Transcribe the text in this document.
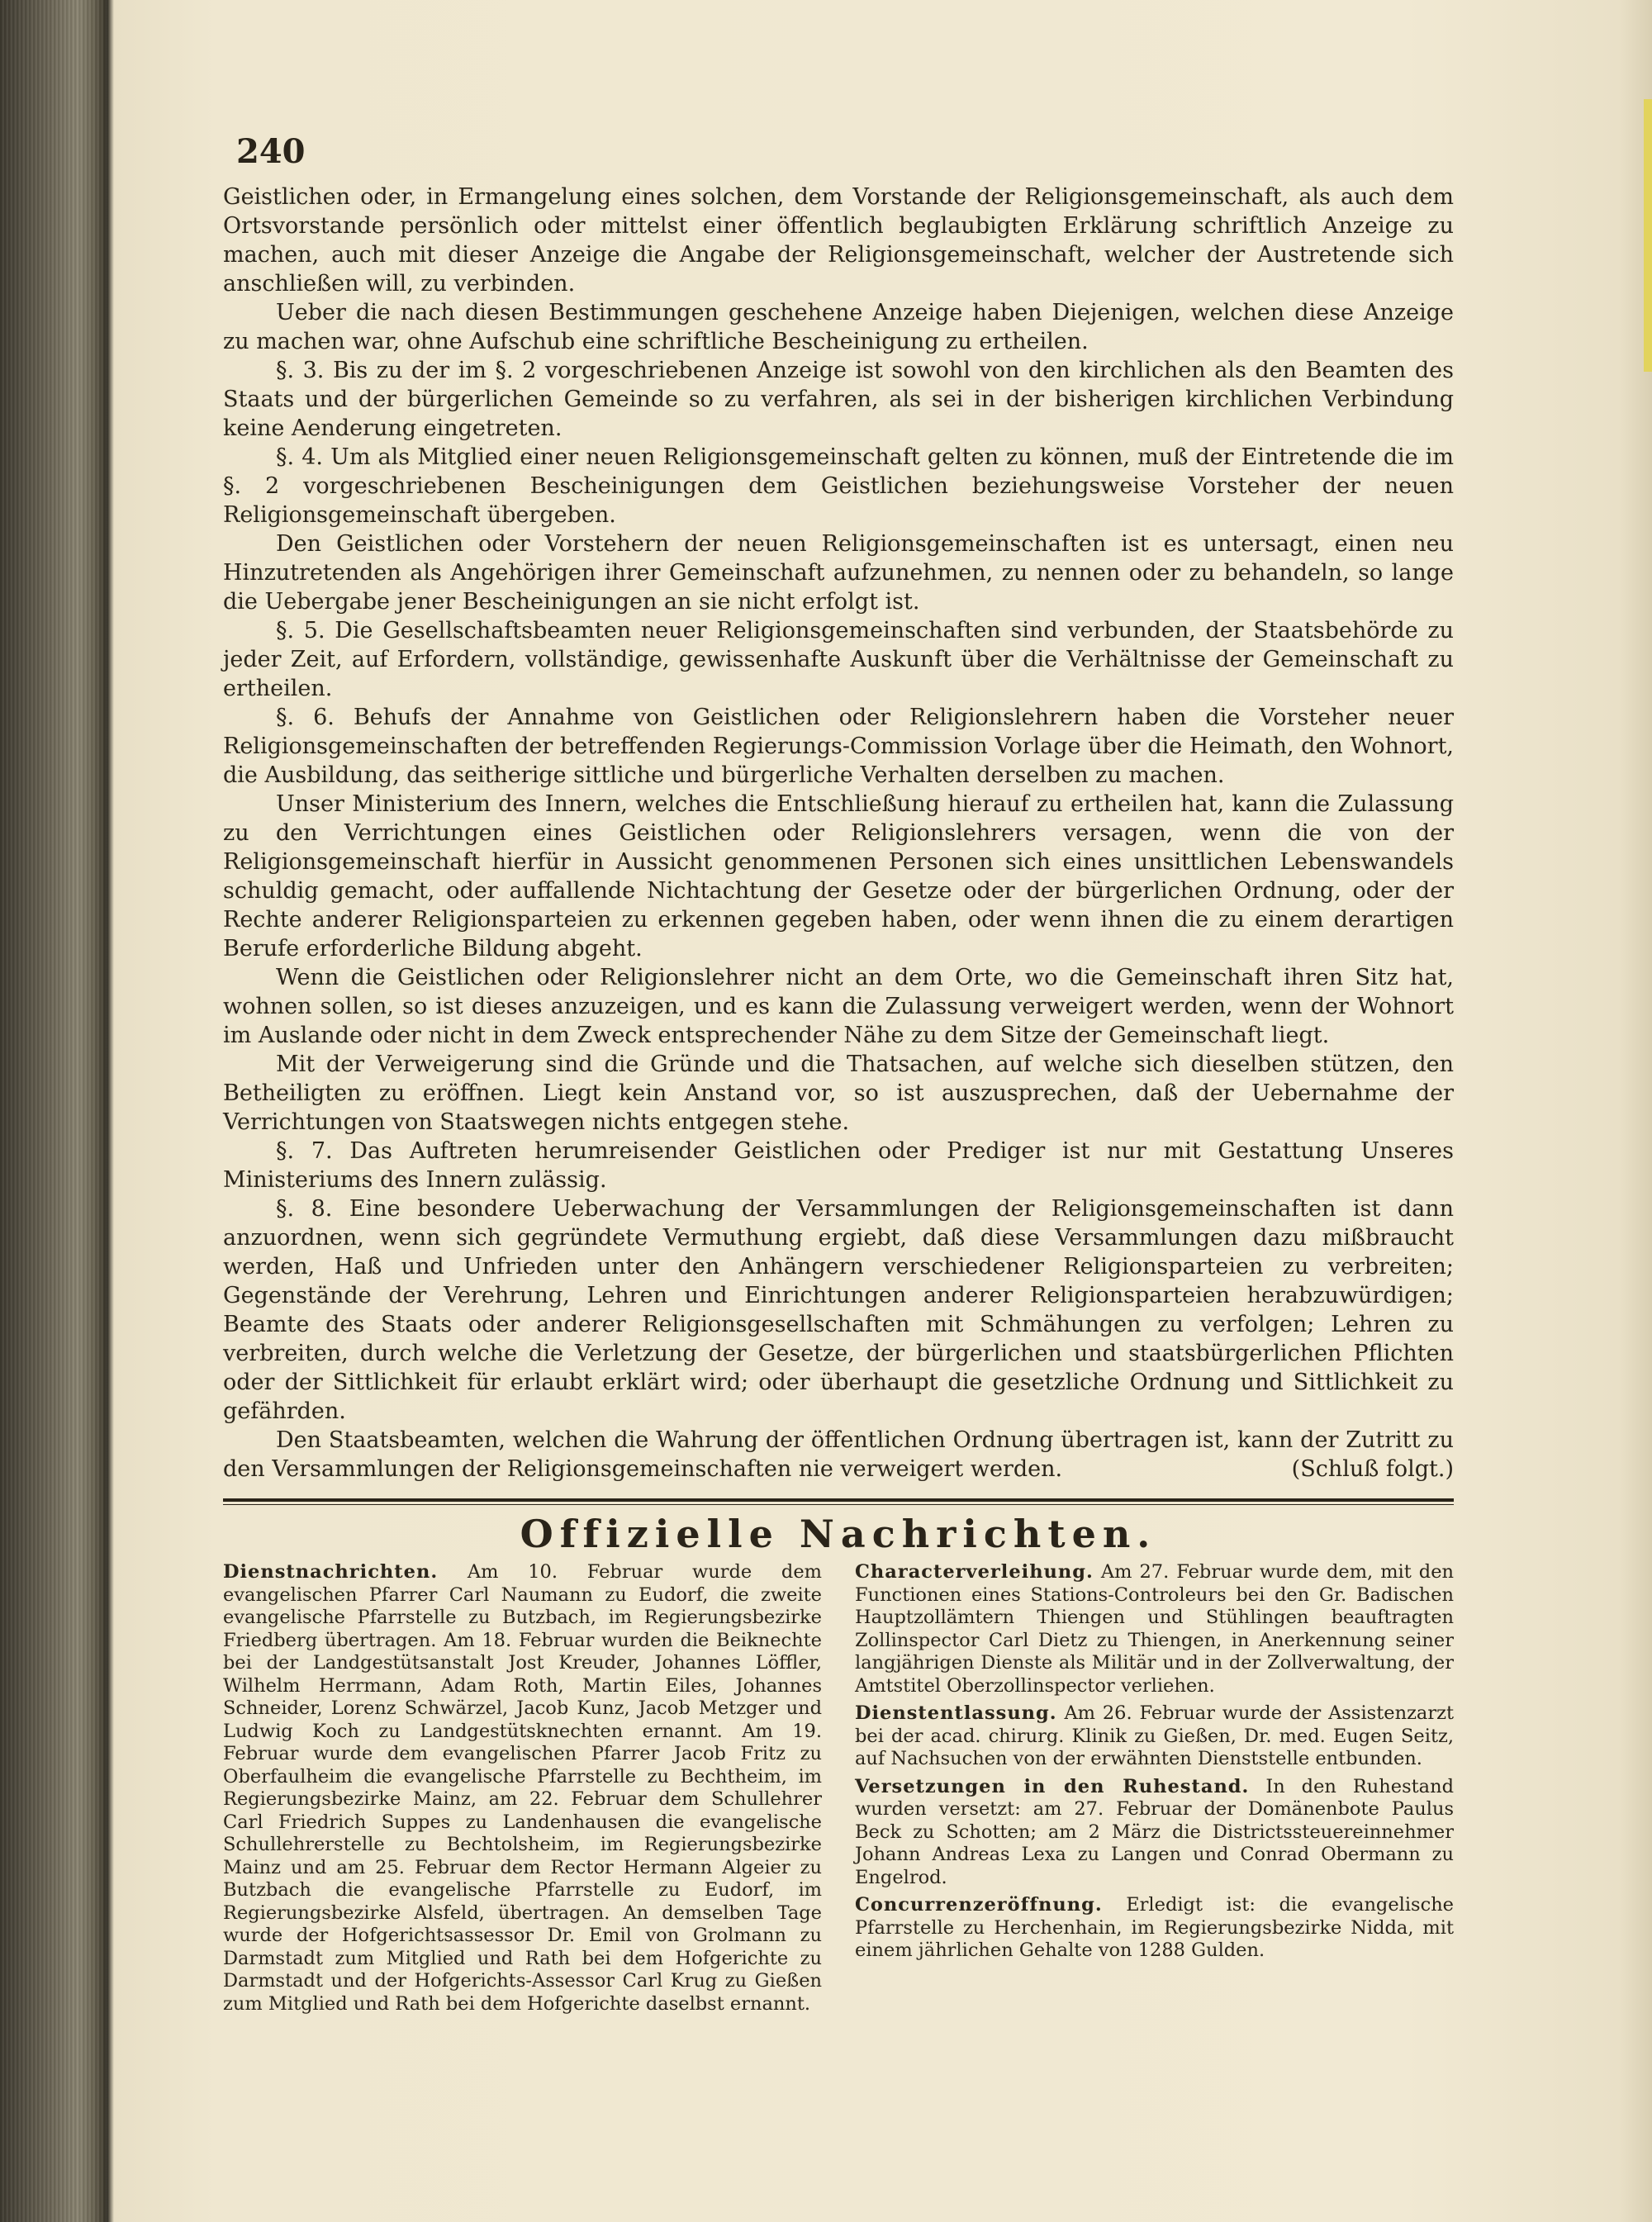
240

Geistlichen oder, in Ermangelung eines solchen, dem Vorstande der Religionsgemeinschaft, als auch dem Ortsvorstande persönlich oder mittelst einer öffentlich beglaubigten Erklärung schriftlich Anzeige zu machen, auch mit dieser Anzeige die Angabe der Religionsgemeinschaft, welcher der Austretende sich anschließen will, zu verbinden.

Ueber die nach diesen Bestimmungen geschehene Anzeige haben Diejenigen, welchen diese Anzeige zu machen war, ohne Aufschub eine schriftliche Bescheinigung zu ertheilen.

§. 3. Bis zu der im §. 2 vorgeschriebenen Anzeige ist sowohl von den kirchlichen als den Beamten des Staats und der bürgerlichen Gemeinde so zu verfahren, als sei in der bisherigen kirchlichen Verbindung keine Aenderung eingetreten.

§. 4. Um als Mitglied einer neuen Religionsgemeinschaft gelten zu können, muß der Eintretende die im §. 2 vorgeschriebenen Bescheinigungen dem Geistlichen beziehungsweise Vorsteher der neuen Religionsgemeinschaft übergeben.

Den Geistlichen oder Vorstehern der neuen Religionsgemeinschaften ist es untersagt, einen neu Hinzutretenden als Angehörigen ihrer Gemeinschaft aufzunehmen, zu nennen oder zu behandeln, so lange die Uebergabe jener Bescheinigungen an sie nicht erfolgt ist.

§. 5. Die Gesellschaftsbeamten neuer Religionsgemeinschaften sind verbunden, der Staatsbehörde zu jeder Zeit, auf Erfordern, vollständige, gewissenhafte Auskunft über die Verhältnisse der Gemeinschaft zu ertheilen.

§. 6. Behufs der Annahme von Geistlichen oder Religionslehrern haben die Vorsteher neuer Religionsgemeinschaften der betreffenden Regierungs-Commission Vorlage über die Heimath, den Wohnort, die Ausbildung, das seitherige sittliche und bürgerliche Verhalten derselben zu machen.

Unser Ministerium des Innern, welches die Entschließung hierauf zu ertheilen hat, kann die Zulassung zu den Verrichtungen eines Geistlichen oder Religionslehrers versagen, wenn die von der Religionsgemeinschaft hierfür in Aussicht genommenen Personen sich eines unsittlichen Lebenswandels schuldig gemacht, oder auffallende Nichtachtung der Gesetze oder der bürgerlichen Ordnung, oder der Rechte anderer Religionsparteien zu erkennen gegeben haben, oder wenn ihnen die zu einem derartigen Berufe erforderliche Bildung abgeht.

Wenn die Geistlichen oder Religionslehrer nicht an dem Orte, wo die Gemeinschaft ihren Sitz hat, wohnen sollen, so ist dieses anzuzeigen, und es kann die Zulassung verweigert werden, wenn der Wohnort im Auslande oder nicht in dem Zweck entsprechender Nähe zu dem Sitze der Gemeinschaft liegt.

Mit der Verweigerung sind die Gründe und die Thatsachen, auf welche sich dieselben stützen, den Betheiligten zu eröffnen. Liegt kein Anstand vor, so ist auszusprechen, daß der Uebernahme der Verrichtungen von Staatswegen nichts entgegen stehe.

§. 7. Das Auftreten herumreisender Geistlichen oder Prediger ist nur mit Gestattung Unseres Ministeriums des Innern zulässig.

§. 8. Eine besondere Ueberwachung der Versammlungen der Religionsgemeinschaften ist dann anzuordnen, wenn sich gegründete Vermuthung ergiebt, daß diese Versammlungen dazu mißbraucht werden, Haß und Unfrieden unter den Anhängern verschiedener Religionsparteien zu verbreiten; Gegenstände der Verehrung, Lehren und Einrichtungen anderer Religionsparteien herabzuwürdigen; Beamte des Staats oder anderer Religionsgesellschaften mit Schmähungen zu verfolgen; Lehren zu verbreiten, durch welche die Verletzung der Gesetze, der bürgerlichen und staatsbürgerlichen Pflichten oder der Sittlichkeit für erlaubt erklärt wird; oder überhaupt die gesetzliche Ordnung und Sittlichkeit zu gefährden.

Den Staatsbeamten, welchen die Wahrung der öffentlichen Ordnung übertragen ist, kann der Zutritt zu den Versammlungen der Religionsgemeinschaften nie verweigert werden.	(Schluß folgt.)

Offizielle Nachrichten.

Dienstnachrichten. Am 10. Februar wurde dem evangelischen Pfarrer Carl Naumann zu Eudorf, die zweite evangelische Pfarrstelle zu Butzbach, im Regierungsbezirke Friedberg übertragen. Am 18. Februar wurden die Beiknechte bei der Landgestütsanstalt Jost Kreuder, Johannes Löffler, Wilhelm Herrmann, Adam Roth, Martin Eiles, Johannes Schneider, Lorenz Schwärzel, Jacob Kunz, Jacob Metzger und Ludwig Koch zu Landgestütsknechten ernannt. Am 19. Februar wurde dem evangelischen Pfarrer Jacob Fritz zu Oberfaulheim die evangelische Pfarrstelle zu Bechtheim, im Regierungsbezirke Mainz, am 22. Februar dem Schullehrer Carl Friedrich Suppes zu Landenhausen die evangelische Schullehrerstelle zu Bechtolsheim, im Regierungsbezirke Mainz und am 25. Februar dem Rector Hermann Algeier zu Butzbach die evangelische Pfarrstelle zu Eudorf, im Regierungsbezirke Alsfeld, übertragen. An demselben Tage wurde der Hofgerichtsassessor Dr. Emil von Grolmann zu Darmstadt zum Mitglied und Rath bei dem Hofgerichte zu Darmstadt und der Hofgerichts-Assessor Carl Krug zu Gießen zum Mitglied und Rath bei dem Hofgerichte daselbst ernannt.

Characterverleihung. Am 27. Februar wurde dem, mit den Functionen eines Stations-Controleurs bei den Gr. Badischen Hauptzollämtern Thiengen und Stühlingen beauftragten Zollinspector Carl Dietz zu Thiengen, in Anerkennung seiner langjährigen Dienste als Militär und in der Zollverwaltung, der Amtstitel Oberzollinspector verliehen.

Dienstentlassung. Am 26. Februar wurde der Assistenzarzt bei der acad. chirurg. Klinik zu Gießen, Dr. med. Eugen Seitz, auf Nachsuchen von der erwähnten Dienststelle entbunden.

Versetzungen in den Ruhestand. In den Ruhestand wurden versetzt: am 27. Februar der Domänenbote Paulus Beck zu Schotten; am 2 März die Districtssteuereinnehmer Johann Andreas Lexa zu Langen und Conrad Obermann zu Engelrod.

Concurrenzeröffnung. Erledigt ist: die evangelische Pfarrstelle zu Herchenhain, im Regierungsbezirke Nidda, mit einem jährlichen Gehalte von 1288 Gulden.
